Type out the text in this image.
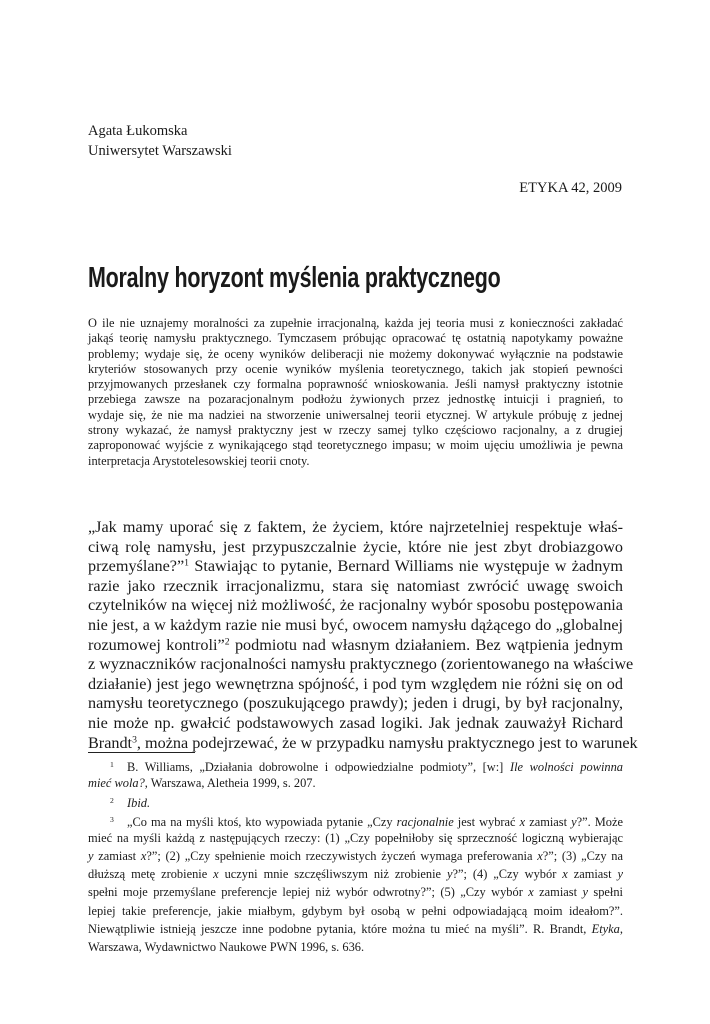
Agata Łukomska
Uniwersytet Warszawski
ETYKA 42, 2009
Moralny horyzont myślenia praktycznego
O ile nie uznajemy moralności za zupełnie irracjonalną, każda jej teoria musi z konieczności zakładać
jakąś teorię namysłu praktycznego. Tymczasem próbując opracować tę ostatnią napotykamy poważne
problemy; wydaje się, że oceny wyników deliberacji nie możemy dokonywać wyłącznie na podstawie
kryteriów stosowanych przy ocenie wyników myślenia teoretycznego, takich jak stopień pewności
przyjmowanych przesłanek czy formalna poprawność wnioskowania. Jeśli namysł praktyczny istotnie
przebiega zawsze na pozaracjonalnym podłożu żywionych przez jednostkę intuicji i pragnień, to
wydaje się, że nie ma nadziei na stworzenie uniwersalnej teorii etycznej. W artykule próbuję z jednej
strony wykazać, że namysł praktyczny jest w rzeczy samej tylko częściowo racjonalny, a z drugiej
zaproponować wyjście z wynikającego stąd teoretycznego impasu; w moim ujęciu umożliwia je pewna
interpretacja Arystotelesowskiej teorii cnoty.
„Jak mamy uporać się z faktem, że życiem, które najrzetelniej respektuje właś-
ciwą rolę namysłu, jest przypuszczalnie życie, które nie jest zbyt drobiazgowo
przemyślane?”$^1$ Stawiając to pytanie, Bernard Williams nie występuje w żadnym
razie jako rzecznik irracjonalizmu, stara się natomiast zwrócić uwagę swoich
czytelników na więcej niż możliwość, że racjonalny wybór sposobu postępowania
nie jest, a w każdym razie nie musi być, owocem namysłu dążącego do „globalnej
rozumowej kontroli”$^2$ podmiotu nad własnym działaniem. Bez wątpienia jednym
z wyznaczników racjonalności namysłu praktycznego (zorientowanego na właściwe
działanie) jest jego wewnętrzna spójność, i pod tym względem nie różni się on od
namysłu teoretycznego (poszukującego prawdy); jeden i drugi, by był racjonalny,
nie może np. gwałcić podstawowych zasad logiki. Jak jednak zauważył Richard
Brandt$^3$, można podejrzewać, że w przypadku namysłu praktycznego jest to warunek
1 B. Williams, „Działania dobrowolne i odpowiedzialne podmioty”, [w:] Ile wolności powinna
mieć wola?, Warszawa, Aletheia 1999, s. 207.
2 Ibid.
3 „Co ma na myśli ktoś, kto wypowiada pytanie „Czy racjonalnie jest wybrać x zamiast y?”. Może
mieć na myśli każdą z następujących rzeczy: (1) „Czy popełniłoby się sprzeczność logiczną wybierając
y zamiast x?”; (2) „Czy spełnienie moich rzeczywistych życzeń wymaga preferowania x?”; (3) „Czy na
dłuższą metę zrobienie x uczyni mnie szczęśliwszym niż zrobienie y?”; (4) „Czy wybór x zamiast y
spełni moje przemyślane preferencje lepiej niż wybór odwrotny?”; (5) „Czy wybór x zamiast y spełni
lepiej takie preferencje, jakie miałbym, gdybym był osobą w pełni odpowiadającą moim ideałom?”.
Niewątpliwie istnieją jeszcze inne podobne pytania, które można tu mieć na myśli”. R. Brandt, Etyka,
Warszawa, Wydawnictwo Naukowe PWN 1996, s. 636.
